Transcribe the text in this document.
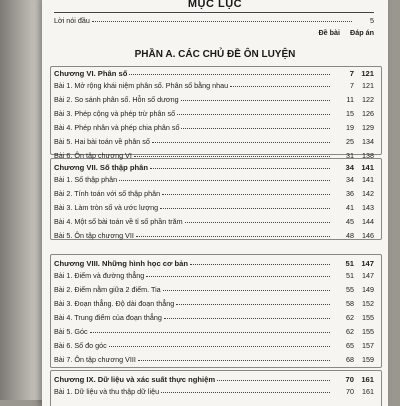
MỤC LỤC
Lời nói đầu	5
Đề bài Đáp án
PHẦN A. CÁC CHỦ ĐỀ ÔN LUYỆN
Chương VI. Phân số	7 121
Bài 1. Mở rộng khái niệm phân số. Phân số bằng nhau	7	121
Bài 2. So sánh phân số. Hỗn số dương	11	122
Bài 3. Phép cộng và phép trừ phân số	15	126
Bài 4. Phép nhân và phép chia phân số	19	129
Bài 5. Hai bài toán về phân số	25	134
Bài 6. Ôn tập chương VI	31	138
Chương VII. Số thập phân	34 141
Bài 1. Số thập phân	34	141
Bài 2. Tính toán với số thập phân	36	142
Bài 3. Làm tròn số và ước lượng	41	143
Bài 4. Một số bài toán về tỉ số phần trăm	45	144
Bài 5. Ôn tập chương VII	48	146
Chương VIII. Những hình học cơ bản	51 147
Bài 1. Điểm và đường thẳng	51	147
Bài 2. Điểm nằm giữa 2 điểm. Tia	55	149
Bài 3. Đoạn thẳng. Độ dài đoạn thẳng	58	152
Bài 4. Trung điểm của đoạn thẳng	62	155
Bài 5. Góc	62	155
Bài 6. Số đo góc	65	157
Bài 7. Ôn tập chương VIII	68	159
Chương IX. Dữ liệu và xác suất thực nghiệm	70 161
Bài 1. Dữ liệu và thu thập dữ liệu	70	161
